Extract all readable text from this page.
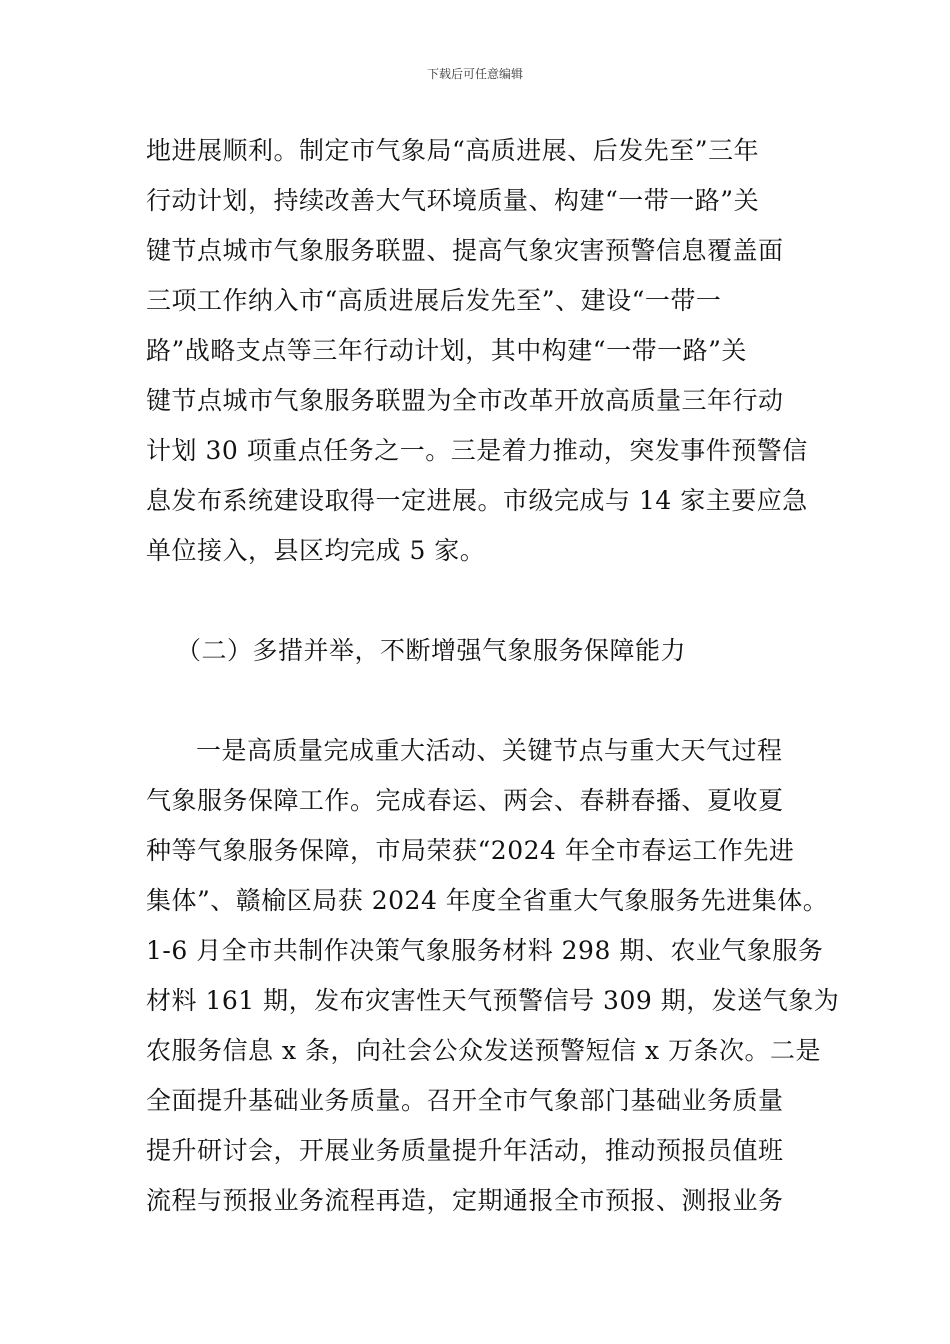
下载后可任意编辑
地进展顺利。制定市气象局“高质进展、后发先至”三年
行动计划，持续改善大气环境质量、构建“一带一路”关
键节点城市气象服务联盟、提高气象灾害预警信息覆盖面
三项工作纳入市“高质进展后发先至”、建设“一带一
路”战略支点等三年行动计划，其中构建“一带一路”关
键节点城市气象服务联盟为全市改革开放高质量三年行动
计划 30 项重点任务之一。三是着力推动，突发事件预警信
息发布系统建设取得一定进展。市级完成与 14 家主要应急
单位接入，县区均完成 5 家。
（二）多措并举，不断增强气象服务保障能力
一是高质量完成重大活动、关键节点与重大天气过程
气象服务保障工作。完成春运、两会、春耕春播、夏收夏
种等气象服务保障，市局荣获“2024 年全市春运工作先进
集体”、赣榆区局获 2024 年度全省重大气象服务先进集体。
1-6 月全市共制作决策气象服务材料 298 期、农业气象服务
材料 161 期，发布灾害性天气预警信号 309 期，发送气象为
农服务信息 x 条，向社会公众发送预警短信 x 万条次。二是
全面提升基础业务质量。召开全市气象部门基础业务质量
提升研讨会，开展业务质量提升年活动，推动预报员值班
流程与预报业务流程再造，定期通报全市预报、测报业务
